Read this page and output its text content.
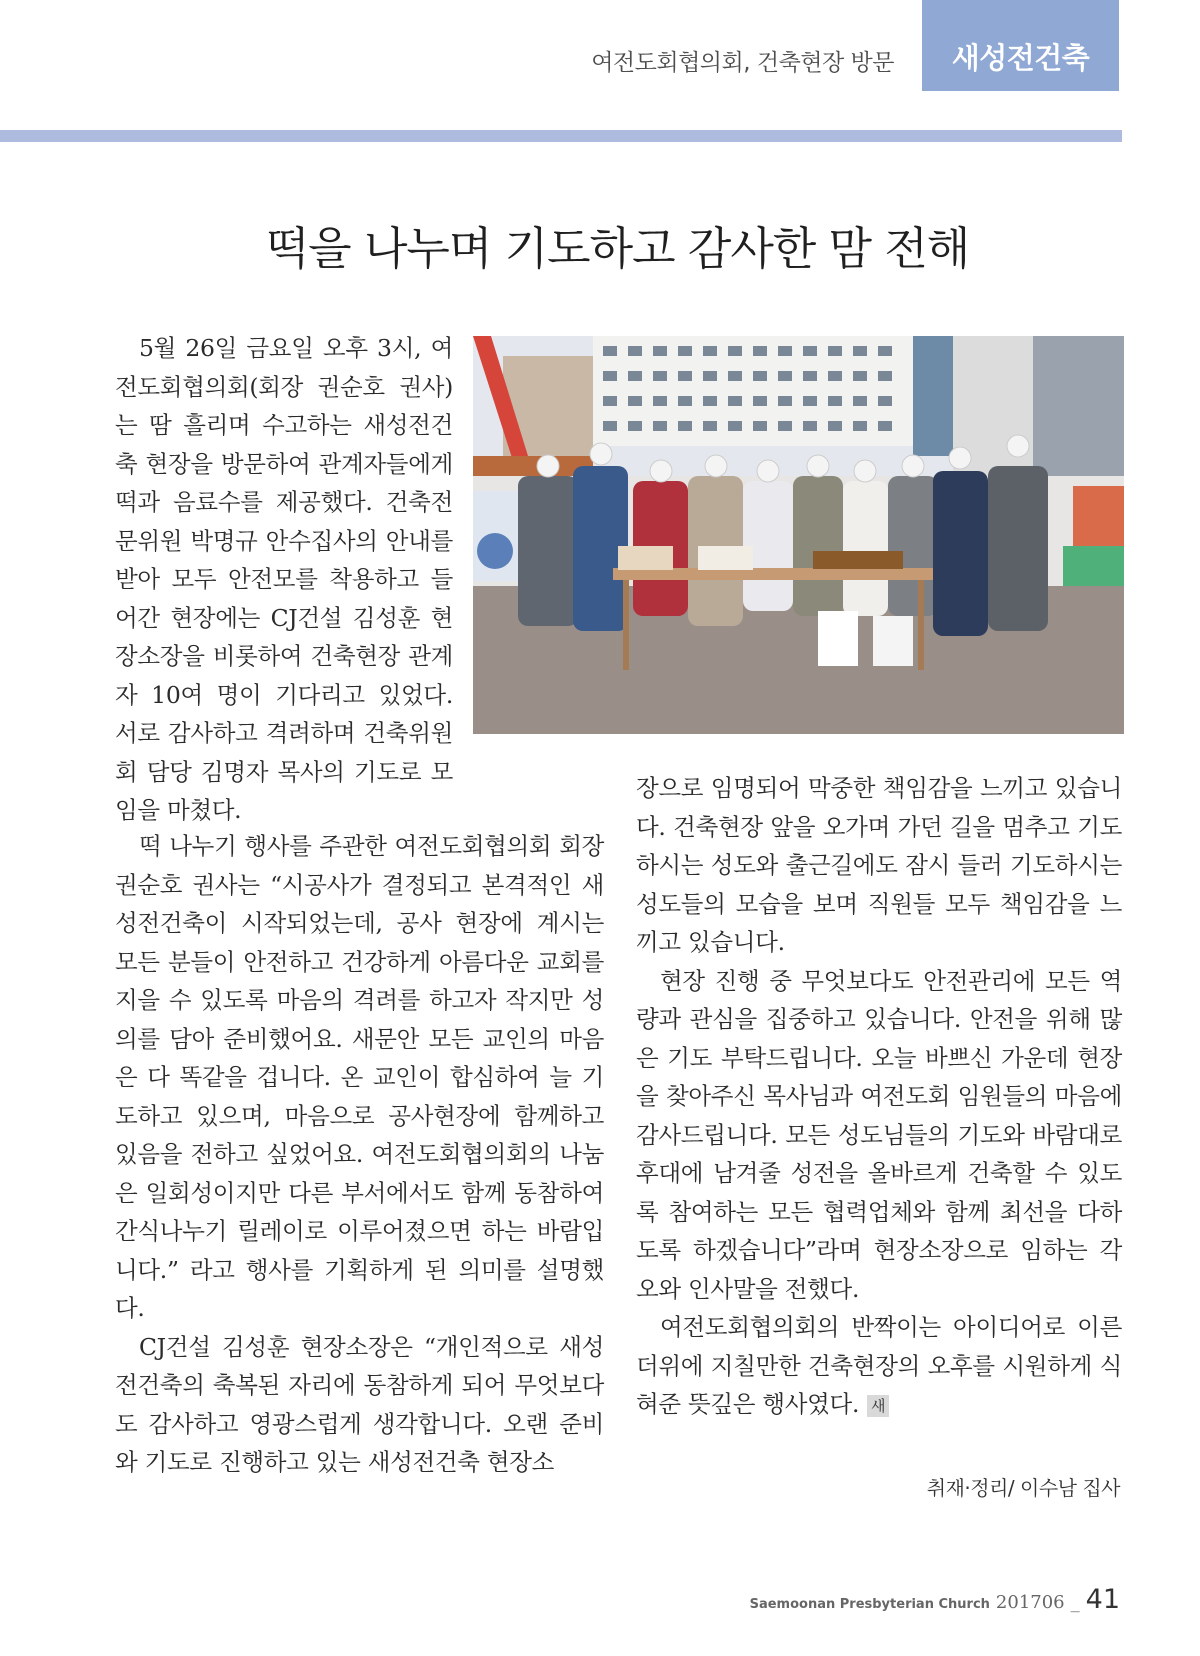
여전도회협의회, 건축현장 방문 새성전건축
떡을 나누며 기도하고 감사한 맘 전해

5월 26일 금요일 오후 3시, 여전도회협의회(회장 권순호 권사)는 땀 흘리며 수고하는 새성전건축 현장을 방문하여 관계자들에게 떡과 음료수를 제공했다. 건축전문위원 박명규 안수집사의 안내를 받아 모두 안전모를 착용하고 들어간 현장에는 CJ건설 김성훈 현장소장을 비롯하여 건축현장 관계자 10여 명이 기다리고 있었다. 서로 감사하고 격려하며 건축위원회 담당 김명자 목사의 기도로 모임을 마쳤다.

떡 나누기 행사를 주관한 여전도회협의회 회장 권순호 권사는 “시공사가 결정되고 본격적인 새성전건축이 시작되었는데, 공사 현장에 계시는 모든 분들이 안전하고 건강하게 아름다운 교회를 지을 수 있도록 마음의 격려를 하고자 작지만 성의를 담아 준비했어요. 새문안 모든 교인의 마음은 다 똑같을 겁니다. 온 교인이 합심하여 늘 기도하고 있으며, 마음으로 공사현장에 함께하고 있음을 전하고 싶었어요. 여전도회협의회의 나눔은 일회성이지만 다른 부서에서도 함께 동참하여 간식나누기 릴레이로 이루어졌으면 하는 바람입니다.” 라고 행사를 기획하게 된 의미를 설명했다.

CJ건설 김성훈 현장소장은 “개인적으로 새성전건축의 축복된 자리에 동참하게 되어 무엇보다도 감사하고 영광스럽게 생각합니다. 오랜 준비와 기도로 진행하고 있는 새성전건축 현장소

장으로 임명되어 막중한 책임감을 느끼고 있습니다. 건축현장 앞을 오가며 가던 길을 멈추고 기도하시는 성도와 출근길에도 잠시 들러 기도하시는 성도들의 모습을 보며 직원들 모두 책임감을 느끼고 있습니다.

현장 진행 중 무엇보다도 안전관리에 모든 역량과 관심을 집중하고 있습니다. 안전을 위해 많은 기도 부탁드립니다. 오늘 바쁘신 가운데 현장을 찾아주신 목사님과 여전도회 임원들의 마음에 감사드립니다. 모든 성도님들의 기도와 바람대로 후대에 남겨줄 성전을 올바르게 건축할 수 있도록 참여하는 모든 협력업체와 함께 최선을 다하도록 하겠습니다”라며 현장소장으로 임하는 각오와 인사말을 전했다.

여전도회협의회의 반짝이는 아이디어로 이른 더위에 지칠만한 건축현장의 오후를 시원하게 식혀준 뜻깊은 행사였다. 새

취재·정리/ 이수남 집사
Saemoonan Presbyterian Church 201706 _ 41
